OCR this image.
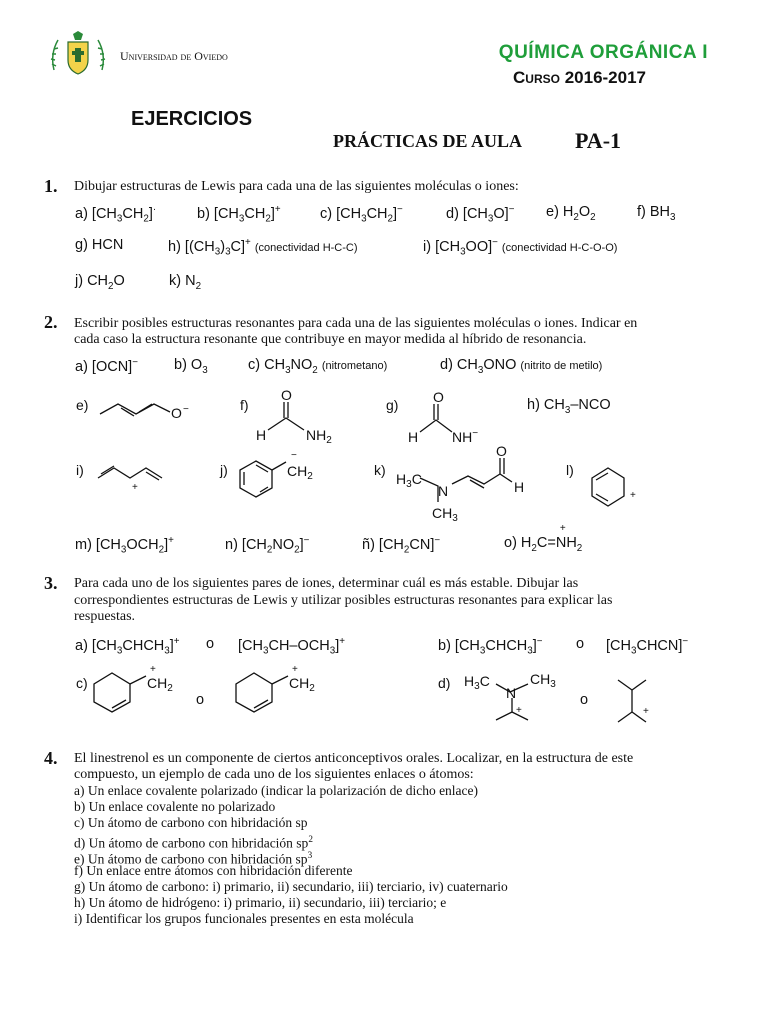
Universidad de Oviedo	QUÍMICA ORGÁNICA I
Curso 2016-2017
EJERCICIOS
PRÁCTICAS DE AULA PA-1
1. Dibujar estructuras de Lewis para cada una de las siguientes moléculas o iones:
a) $[CH_3CH_2]^\cdot$	b) $[CH_3CH_2]^+$	c) $[CH_3CH_2]^-$	d) $[CH_3O]^-$ e) $H_2O_2$	f) $BH_3$
g) HCN	h) $[(CH_3)_3C]^+$ (conectividad H-C-C)	i) $[CH_3OO]^-$ (conectividad H-C-O-O)
j) $CH_2O$	k) $N_2$
2. Escribir posibles estructuras resonantes para cada una de las siguientes moléculas o iones. Indicar en
cada caso la estructura resonante que contribuye en mayor medida al híbrido de resonancia.
a) [OCN]− b) $O_3$	c) $CH_3NO_2$ (nitrometano)	d) $CH_3ONO$ (nitrito de metilo)
e)	O −
O
H	$NH_2$
O
H NH−
+
$CH_2$
−
$H_3C$
N
$CH_3$
O
H
+
f)	g)	h) $CH_3$–NCO
i)	j)	k)	l)
m) $[CH_3OCH_2]^+$	n) $[CH_2NO_2]^-$	ñ) $[CH_2CN]^-$	o) $H_2C=NH_2$
+
3. Para cada uno de los siguientes pares de iones, determinar cuál es más estable. Dibujar las
correspondientes estructuras de Lewis y utilizar posibles estructuras resonantes para explicar las
respuestas.
a) $[CH_3CHCH_3]^+$ o $[CH_3CH-OCH_3]^+$	b) $[CH_3CHCH_3]^-$ o $[CH_3CHCN]^-$
c)
o
d)
o
$CH_2$
+
$CH_2$
+
$H_3C$
N
$CH_3$
+	+
4. El linestrenol es un componente de ciertos anticonceptivos orales. Localizar, en la estructura de este
compuesto, un ejemplo de cada uno de los siguientes enlaces o átomos:
a) Un enlace covalente polarizado (indicar la polarización de dicho enlace)
b) Un enlace covalente no polarizado
c) Un átomo de carbono con hibridación sp
d) Un átomo de carbono con hibridación $sp^2$
e) Un átomo de carbono con hibridación $sp^3$
f) Un enlace entre átomos con hibridación diferente
g) Un átomo de carbono: i) primario, ii) secundario, iii) terciario, iv) cuaternario
h) Un átomo de hidrógeno: i) primario, ii) secundario, iii) terciario; e
i) Identificar los grupos funcionales presentes en esta molécula
